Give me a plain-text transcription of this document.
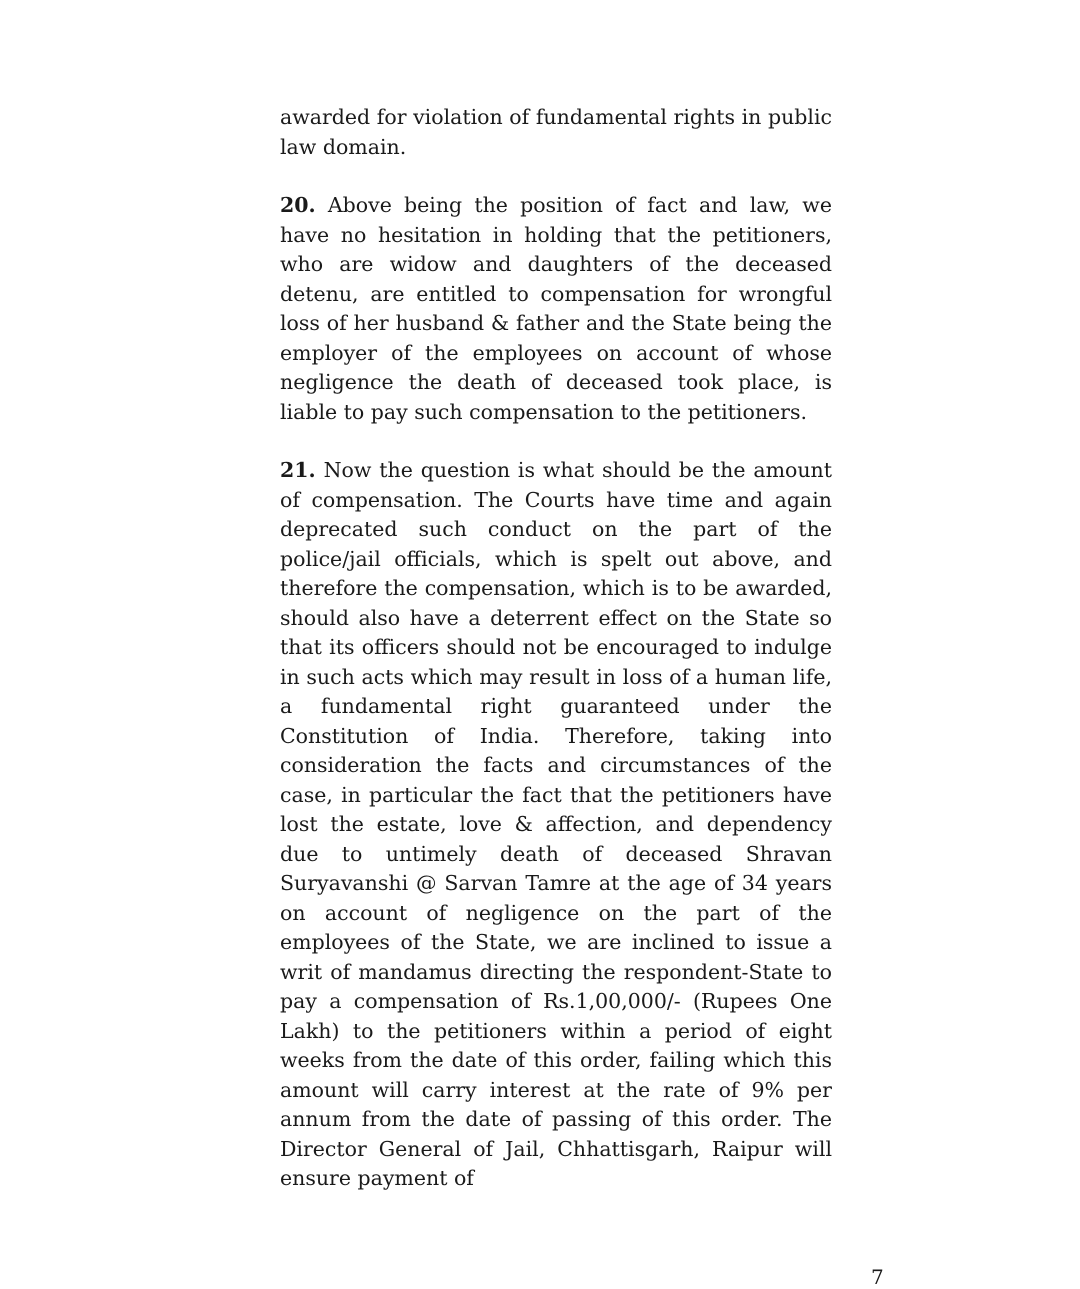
awarded for violation of fundamental rights in public law domain.

20. Above being the position of fact and law, we have no hesitation in holding that the petitioners, who are widow and daughters of the deceased detenu, are entitled to compensation for wrongful loss of her husband & father and the State being the employer of the employees on account of whose negligence the death of deceased took place, is liable to pay such compensation to the petitioners.

21. Now the question is what should be the amount of compensation. The Courts have time and again deprecated such conduct on the part of the police/jail officials, which is spelt out above, and therefore the compensation, which is to be awarded, should also have a deterrent effect on the State so that its officers should not be encouraged to indulge in such acts which may result in loss of a human life, a fundamental right guaranteed under the Constitution of India. Therefore, taking into consideration the facts and circumstances of the case, in particular the fact that the petitioners have lost the estate, love & affection, and dependency due to untimely death of deceased Shravan Suryavanshi @ Sarvan Tamre at the age of 34 years on account of negligence on the part of the employees of the State, we are inclined to issue a writ of mandamus directing the respondent-State to pay a compensation of Rs.1,00,000/- (Rupees One Lakh) to the petitioners within a period of eight weeks from the date of this order, failing which this amount will carry interest at the rate of 9% per annum from the date of passing of this order. The Director General of Jail, Chhattisgarh, Raipur will ensure payment of

7
